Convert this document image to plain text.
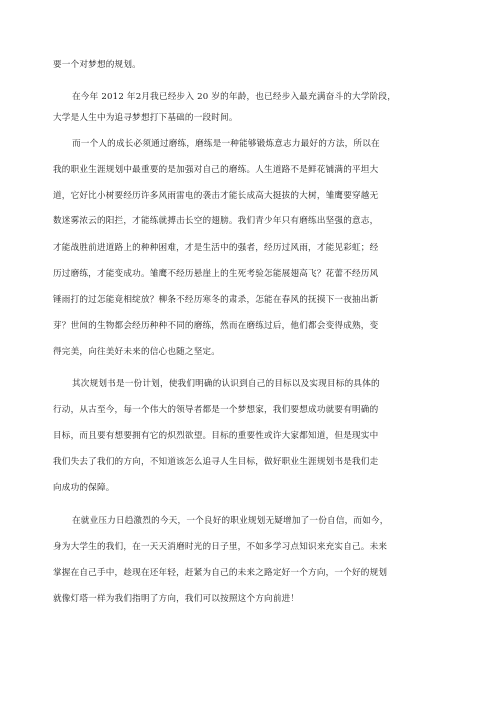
要一个对梦想的规划。
在今年 2012 年2月我已经步入 20 岁的年龄，也已经步入最充满奋斗的大学阶段，
大学是人生中为追寻梦想打下基础的一段时间。
而一个人的成长必须通过磨练，磨练是一种能够锻炼意志力最好的方法，所以在
我的职业生涯规划中最重要的是加强对自己的磨练。人生道路不是鲜花铺满的平坦大
道，它好比小树要经历许多风雨雷电的袭击才能长成高大挺拔的大树，雏鹰要穿越无
数迷雾浓云的阳拦，才能练就搏击长空的翅膀。我们青少年只有磨练出坚强的意志，
才能战胜前进道路上的种种困难，才是生活中的强者，经历过风雨，才能见彩虹；经
历过磨练，才能变成功。雏鹰不经历悬崖上的生死考验怎能展翅高飞？花蕾不经历风
锤雨打的过怎能竟相绽放？柳条不经历寒冬的肃杀，怎能在春风的抚摸下一夜抽出新
芽？世间的生物都会经历种种不同的磨练，然而在磨练过后，他们都会变得成熟，变
得完美，向往美好未来的信心也随之坚定。
其次规划书是一份计划，使我们明确的认识到自己的目标以及实现目标的具体的
行动，从古至今，每一个伟大的领导者都是一个梦想家，我们要想成功就要有明确的
目标，而且要有想要拥有它的炽烈欲望。目标的重要性或许大家都知道，但是现实中
我们失去了我们的方向，不知道该怎么追寻人生目标，做好职业生涯规划书是我们走
向成功的保障。
在就业压力日趋激烈的今天，一个良好的职业规划无疑增加了一份自信，而如今，
身为大学生的我们，在一天天消磨时光的日子里，不如多学习点知识来充实自己。未来
掌握在自己手中，趁现在还年轻，赶紧为自己的未来之路定好一个方向，一个好的规划
就像灯塔一样为我们指明了方向，我们可以按照这个方向前进！
